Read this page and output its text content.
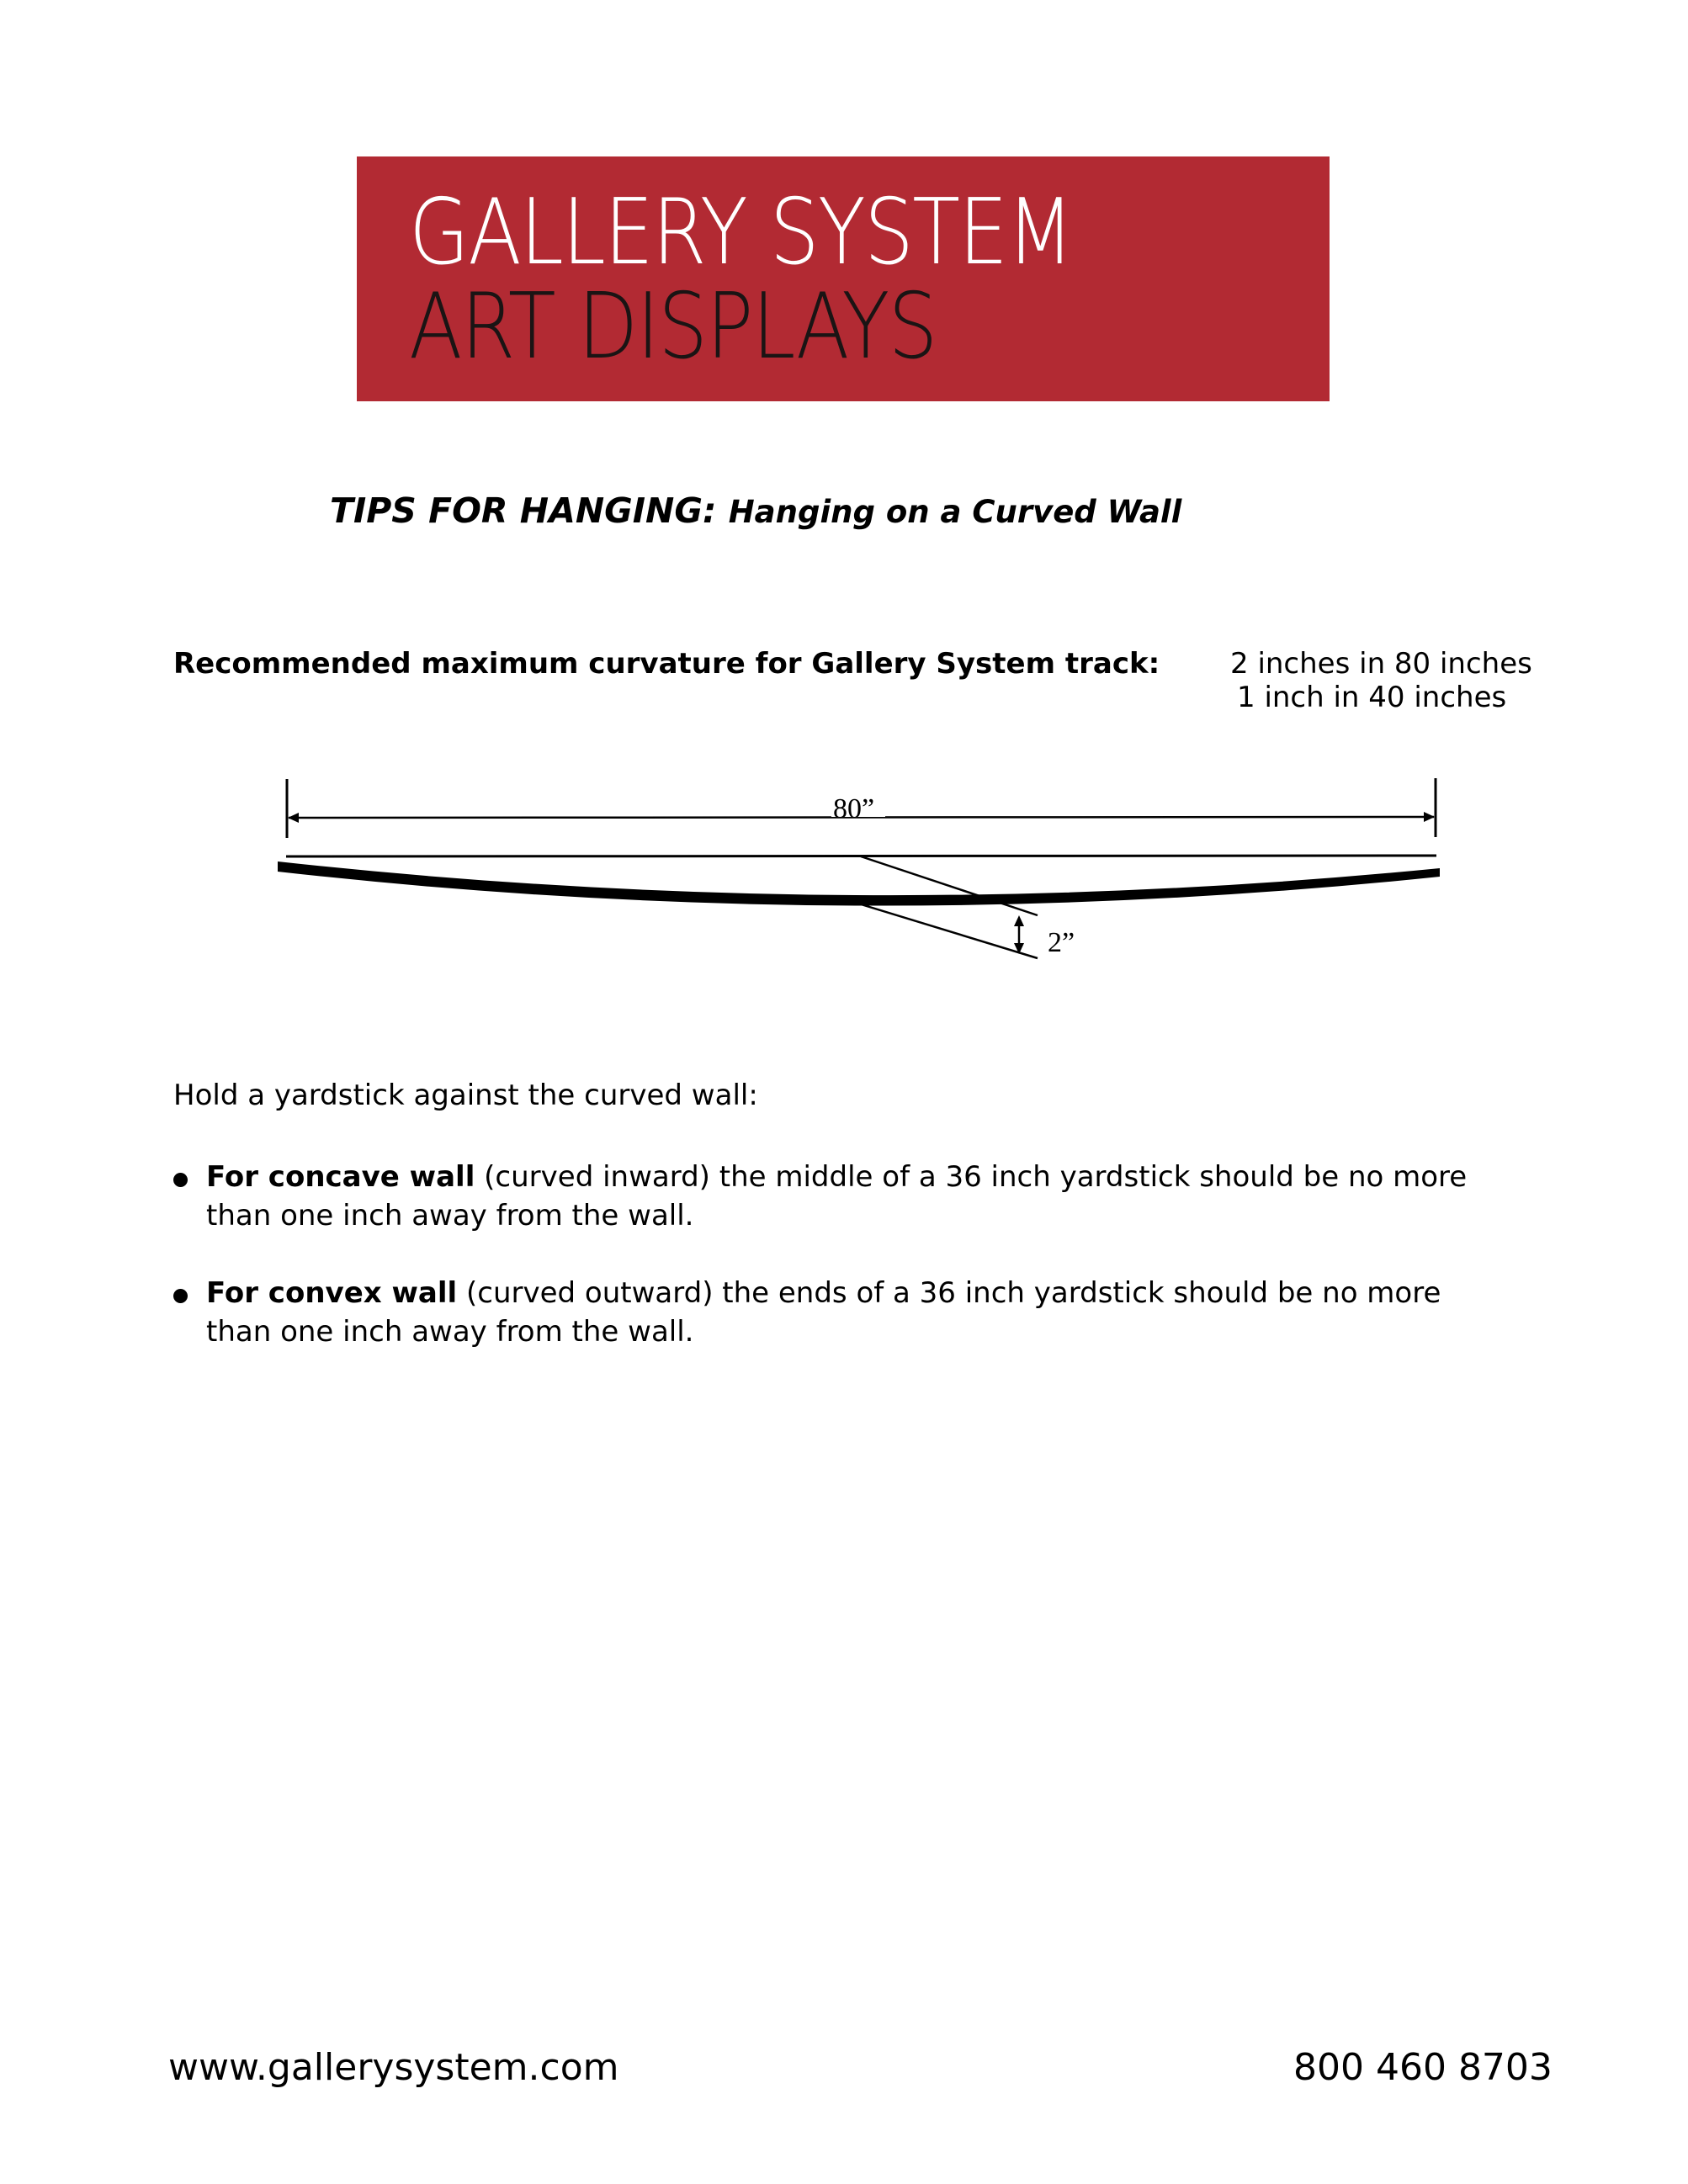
GALLERY SYSTEM
ART DISPLAYS
TIPS FOR HANGING: Hanging on a Curved Wall
Recommended maximum curvature for Gallery System track: 2 inches in 80 inches
1 inch in 40 inches
80”
2”
Hold a yardstick against the curved wall:
For concave wall (curved inward) the middle of a 36 inch yardstick should be no more
than one inch away from the wall.
For convex wall (curved outward) the ends of a 36 inch yardstick should be no more
than one inch away from the wall.
www.gallerysystem.com	800 460 8703
